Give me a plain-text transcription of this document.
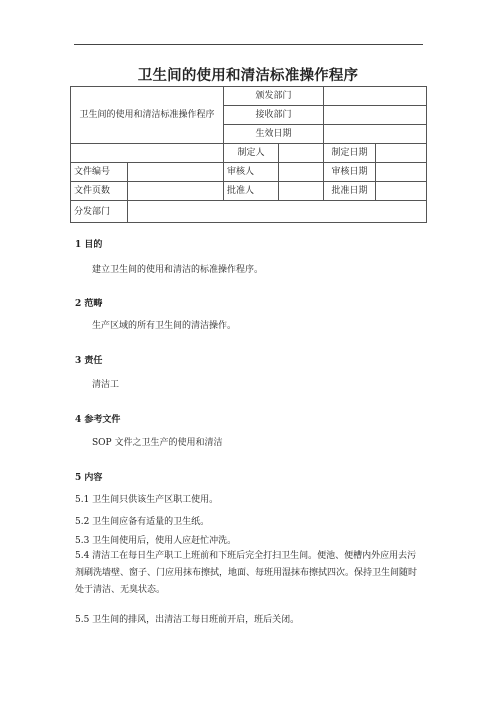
卫生间的使用和清洁标准操作程序
卫生间的使用和清洁标准操作程序		颁发部门			
		接收部门			
		生效日期			
		制定人		制定日期	
文件编号		审核人		审核日期	
文件页数		批准人		批准日期	
分发部门					
1 目的
建立卫生间的使用和清洁的标准操作程序。
2 范畴
生产区域的所有卫生间的清洁操作。
3 责任
清洁工
4 参考文件
SOP 文件之卫生产的使用和清洁
5 内容
5.1 卫生间只供该生产区职工使用。
5.2 卫生间应备有适量的卫生纸。
5.3 卫生间使用后，使用人应赶忙冲洗。
5.4 清洁工在每日生产职工上班前和下班后完全打扫卫生间。便池、便槽内外应用去污剂刷洗墙壁、窗子、门应用抹布擦拭，地面、每班用湿抹布擦拭四次。保持卫生间随时处于清洁、无臭状态。
5.5 卫生间的排风，出清洁工每日班前开启，班后关闭。
